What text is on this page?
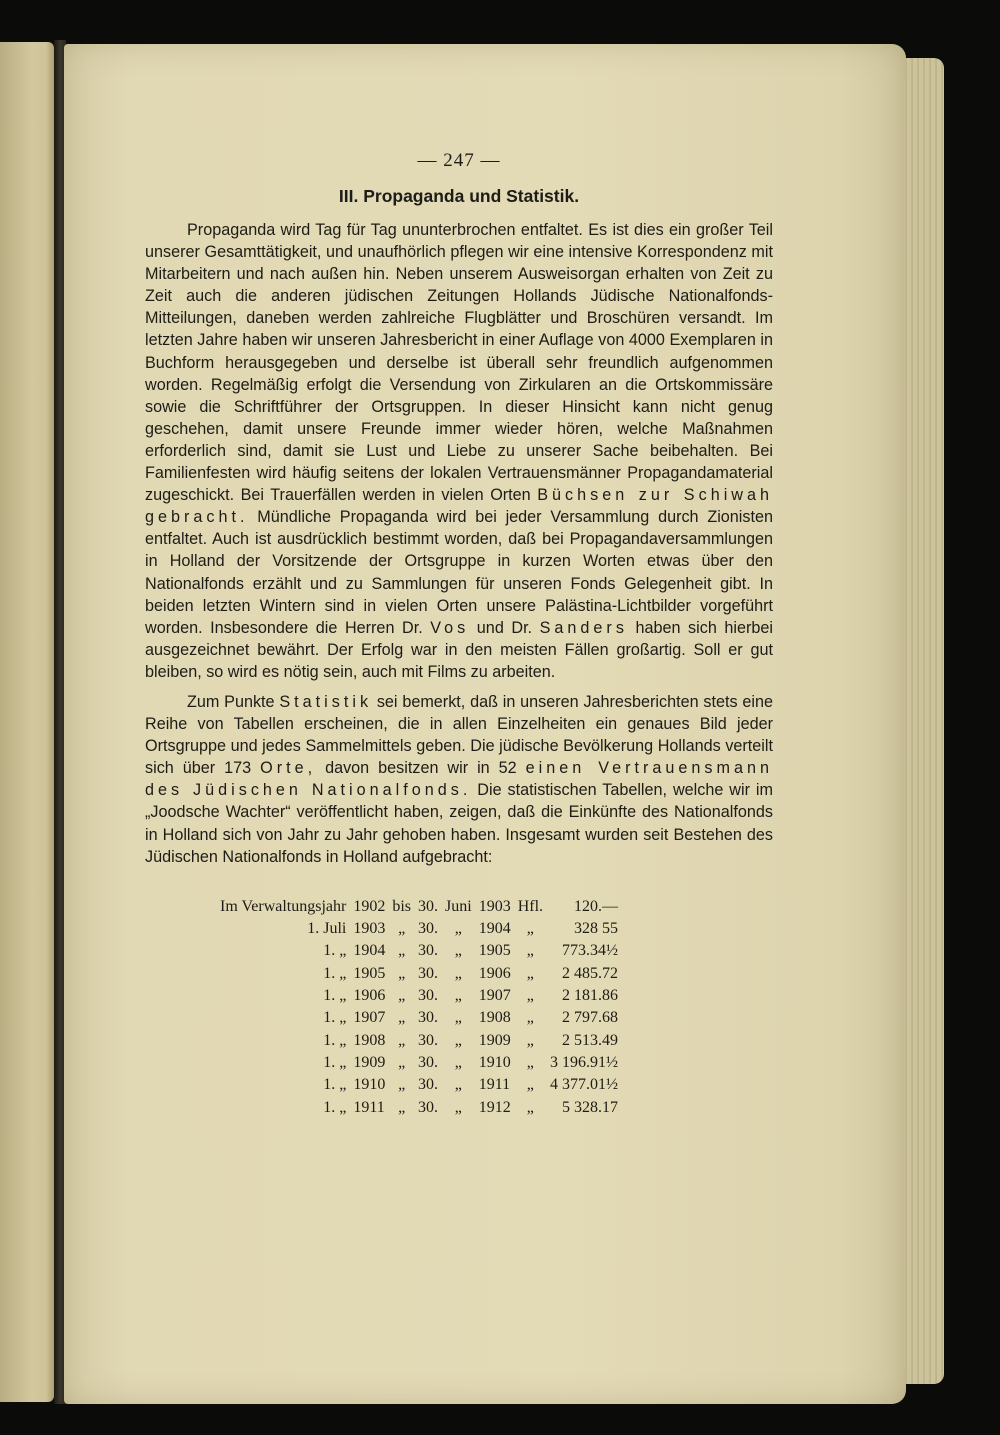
— 247 —
III. Propaganda und Statistik.

Propaganda wird Tag für Tag ununterbrochen entfaltet. Es ist dies ein großer Teil unserer Gesamttätigkeit, und unaufhörlich pflegen wir eine intensive Korrespondenz mit Mitarbeitern und nach außen hin. Neben unserem Ausweisorgan erhalten von Zeit zu Zeit auch die anderen jüdischen Zeitungen Hollands Jüdische Nationalfonds-Mitteilungen, daneben werden zahlreiche Flugblätter und Broschüren versandt. Im letzten Jahre haben wir unseren Jahresbericht in einer Auflage von 4000 Exemplaren in Buchform herausgegeben und derselbe ist überall sehr freundlich aufgenommen worden. Regelmäßig erfolgt die Versendung von Zirkularen an die Ortskommissäre sowie die Schriftführer der Ortsgruppen. In dieser Hinsicht kann nicht genug geschehen, damit unsere Freunde immer wieder hören, welche Maßnahmen erforderlich sind, damit sie Lust und Liebe zu unserer Sache beibehalten. Bei Familienfesten wird häufig seitens der lokalen Vertrauensmänner Propagandamaterial zugeschickt. Bei Trauerfällen werden in vielen Orten Büchsen zur Schiwah gebracht. Mündliche Propaganda wird bei jeder Versammlung durch Zionisten entfaltet. Auch ist ausdrücklich bestimmt worden, daß bei Propagandaversammlungen in Holland der Vorsitzende der Ortsgruppe in kurzen Worten etwas über den Nationalfonds erzählt und zu Sammlungen für unseren Fonds Gelegenheit gibt. In beiden letzten Wintern sind in vielen Orten unsere Palästina-Lichtbilder vorgeführt worden. Insbesondere die Herren Dr. Vos und Dr. Sanders haben sich hierbei ausgezeichnet bewährt. Der Erfolg war in den meisten Fällen großartig. Soll er gut bleiben, so wird es nötig sein, auch mit Films zu arbeiten.

Zum Punkte Statistik sei bemerkt, daß in unseren Jahresberichten stets eine Reihe von Tabellen erscheinen, die in allen Einzelheiten ein genaues Bild jeder Ortsgruppe und jedes Sammelmittels geben. Die jüdische Bevölkerung Hollands verteilt sich über 173 Orte, davon besitzen wir in 52 einen Vertrauensmann des Jüdischen Nationalfonds. Die statistischen Tabellen, welche wir im „Joodsche Wachter“ veröffentlicht haben, zeigen, daß die Einkünfte des Nationalfonds in Holland sich von Jahr zu Jahr gehoben haben. Insgesamt wurden seit Bestehen des Jüdischen Nationalfonds in Holland aufgebracht:

Im Verwaltungsjahr	1902	bis	30.	Juni	1903	Hfl.	120.—
1. Juli	1903	„	30.	„	1904	„	328 55
1. „	1904	„	30.	„	1905	„	773.34½
1. „	1905	„	30.	„	1906	„	2 485.72
1. „	1906	„	30.	„	1907	„	2 181.86
1. „	1907	„	30.	„	1908	„	2 797.68
1. „	1908	„	30.	„	1909	„	2 513.49
1. „	1909	„	30.	„	1910	„	3 196.91½
1. „	1910	„	30.	„	1911	„	4 377.01½
1. „	1911	„	30.	„	1912	„	5 328.17
